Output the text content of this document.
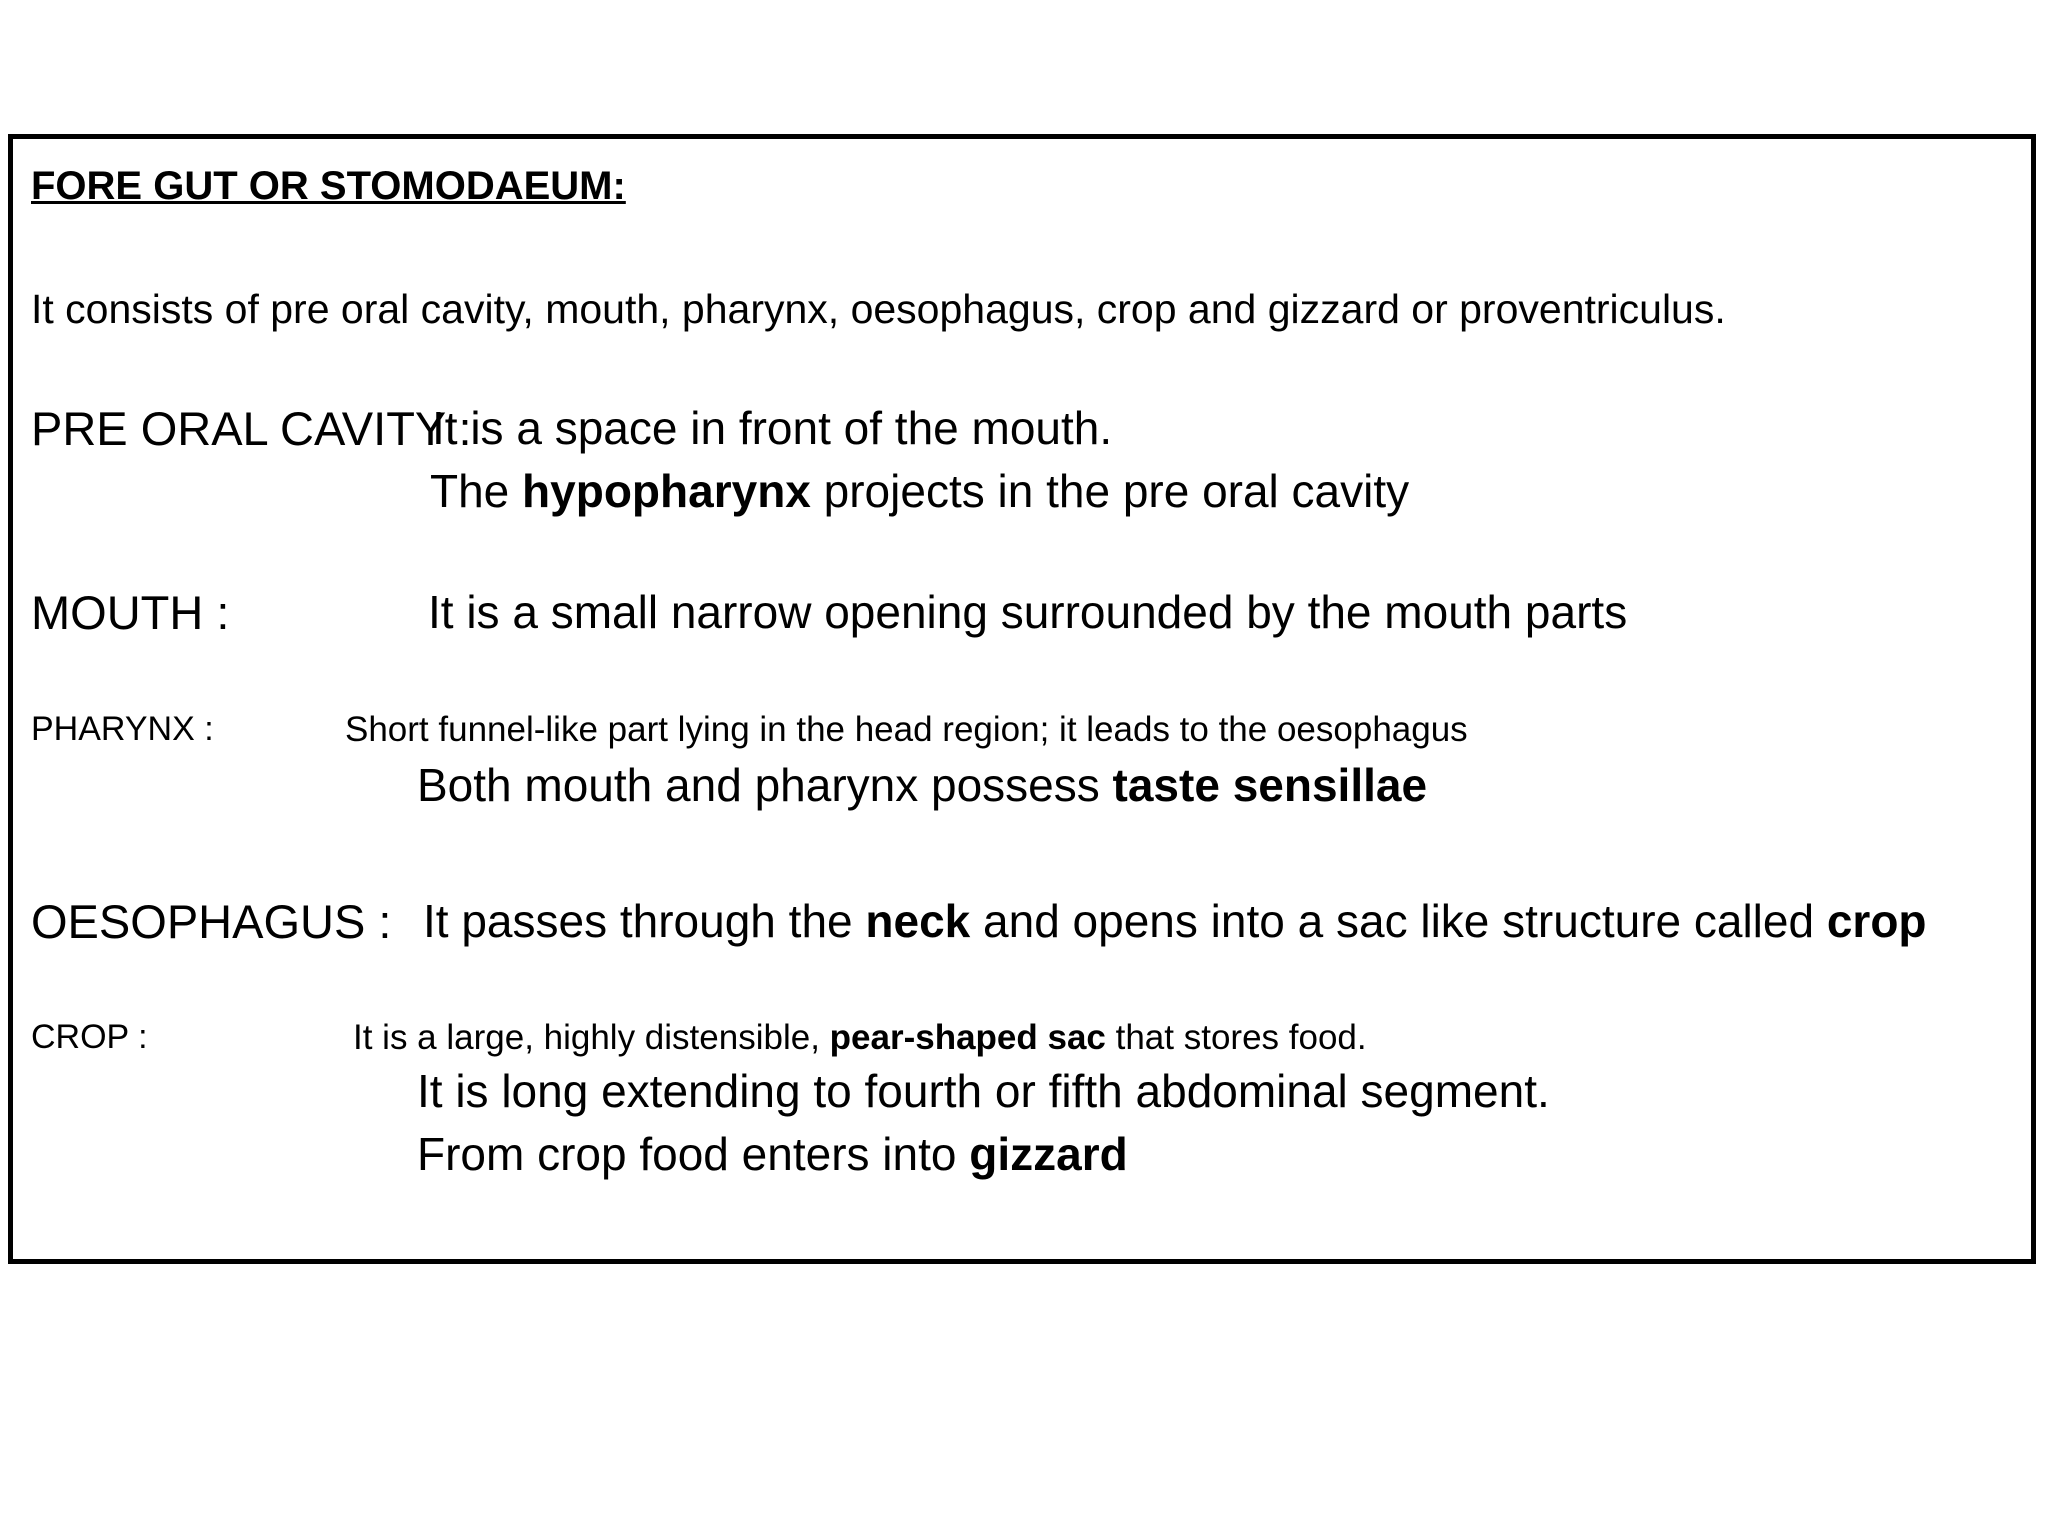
FORE GUT OR STOMODAEUM:
It consists of pre oral cavity, mouth, pharynx, oesophagus, crop and gizzard or proventriculus.
PRE ORAL CAVITY :
It is a space in front of the mouth.
The hypopharynx projects in the pre oral cavity
MOUTH :	It is a small narrow opening surrounded by the mouth parts
PHARYNX :	Short funnel-like part lying in the head region; it leads to the oesophagus
Both mouth and pharynx possess taste sensillae
OESOPHAGUS : It passes through the neck and opens into a sac like structure called crop
CROP :	It is a large, highly distensible, pear-shaped sac that stores food.
It is long extending to fourth or fifth abdominal segment.
From crop food enters into gizzard
